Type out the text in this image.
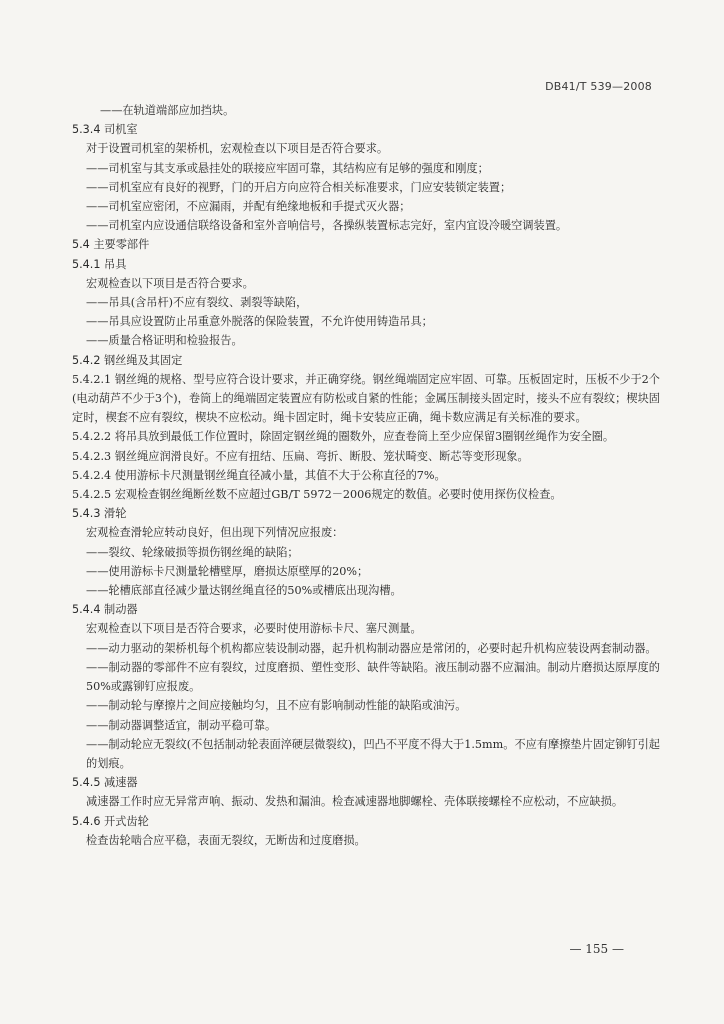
DB41/T 539—2008
——在轨道端部应加挡块。
5.3.4 司机室
对于设置司机室的架桥机，宏观检查以下项目是否符合要求。
——司机室与其支承或悬挂处的联接应牢固可靠，其结构应有足够的强度和刚度；
——司机室应有良好的视野，门的开启方向应符合相关标准要求，门应安装锁定装置；
——司机室应密闭，不应漏雨，并配有绝缘地板和手提式灭火器；
——司机室内应设通信联络设备和室外音响信号，各操纵装置标志完好，室内宜设冷暖空调装置。
5.4 主要零部件
5.4.1 吊具
宏观检查以下项目是否符合要求。
——吊具(含吊杆)不应有裂纹、剥裂等缺陷，
——吊具应设置防止吊重意外脱落的保险装置，不允许使用铸造吊具；
——质量合格证明和检验报告。
5.4.2 钢丝绳及其固定
5.4.2.1 钢丝绳的规格、型号应符合设计要求，并正确穿绕。钢丝绳端固定应牢固、可靠。压板固定时，压板不少于2个(电动葫芦不少于3个)，卷筒上的绳端固定装置应有防松或自紧的性能；金属压制接头固定时，接头不应有裂纹；楔块固定时，楔套不应有裂纹，楔块不应松动。绳卡固定时，绳卡安装应正确，绳卡数应满足有关标准的要求。
5.4.2.2 将吊具放到最低工作位置时，除固定钢丝绳的圈数外，应查卷筒上至少应保留3圈钢丝绳作为安全圈。
5.4.2.3 钢丝绳应润滑良好。不应有扭结、压扁、弯折、断股、笼状畸变、断芯等变形现象。
5.4.2.4 使用游标卡尺测量钢丝绳直径减小量，其值不大于公称直径的7%。
5.4.2.5 宏观检查钢丝绳断丝数不应超过GB/T 5972－2006规定的数值。必要时使用探伤仪检查。
5.4.3 滑轮
宏观检查滑轮应转动良好，但出现下列情况应报废：
——裂纹、轮缘破损等损伤钢丝绳的缺陷；
——使用游标卡尺测量轮槽壁厚，磨损达原壁厚的20%；
——轮槽底部直径减少量达钢丝绳直径的50%或槽底出现沟槽。
5.4.4 制动器
宏观检查以下项目是否符合要求，必要时使用游标卡尺、塞尺测量。
——动力驱动的架桥机每个机构都应装设制动器，起升机构制动器应是常闭的，必要时起升机构应装设两套制动器。
——制动器的零部件不应有裂纹，过度磨损、塑性变形、缺件等缺陷。液压制动器不应漏油。制动片磨损达原厚度的50%或露铆钉应报废。
——制动轮与摩擦片之间应接触均匀，且不应有影响制动性能的缺陷或油污。
——制动器调整适宜，制动平稳可靠。
——制动轮应无裂纹(不包括制动轮表面淬硬层微裂纹)，凹凸不平度不得大于1.5mm。不应有摩擦垫片固定铆钉引起的划痕。
5.4.5 减速器
减速器工作时应无异常声响、振动、发热和漏油。检查减速器地脚螺栓、壳体联接螺栓不应松动，不应缺损。
5.4.6 开式齿轮
检查齿轮啮合应平稳，表面无裂纹，无断齿和过度磨损。
— 155 —
